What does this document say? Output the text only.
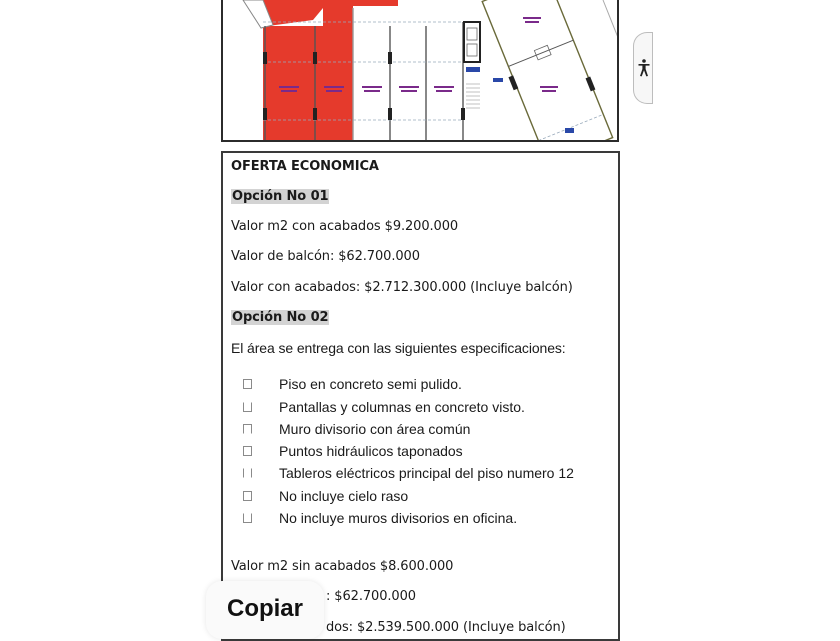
OFERTA ECONOMICA
Opción No 01
Valor m2 con acabados $9.200.000
Valor de balcón: $62.700.000
Valor con acabados: $2.712.300.000 (Incluye balcón)
Opción No 02
El área se entrega con las siguientes especificaciones:
Piso en concreto semi pulido.
Pantallas y columnas en concreto visto.
Muro divisorio con área común
Puntos hidráulicos taponados
Tableros eléctricos principal del piso numero 12
No incluye cielo raso
No incluye muros divisorios en oficina.
Valor m2 sin acabados $8.600.000
: $62.700.000
dos: $2.539.500.000 (Incluye balcón)
Copiar
